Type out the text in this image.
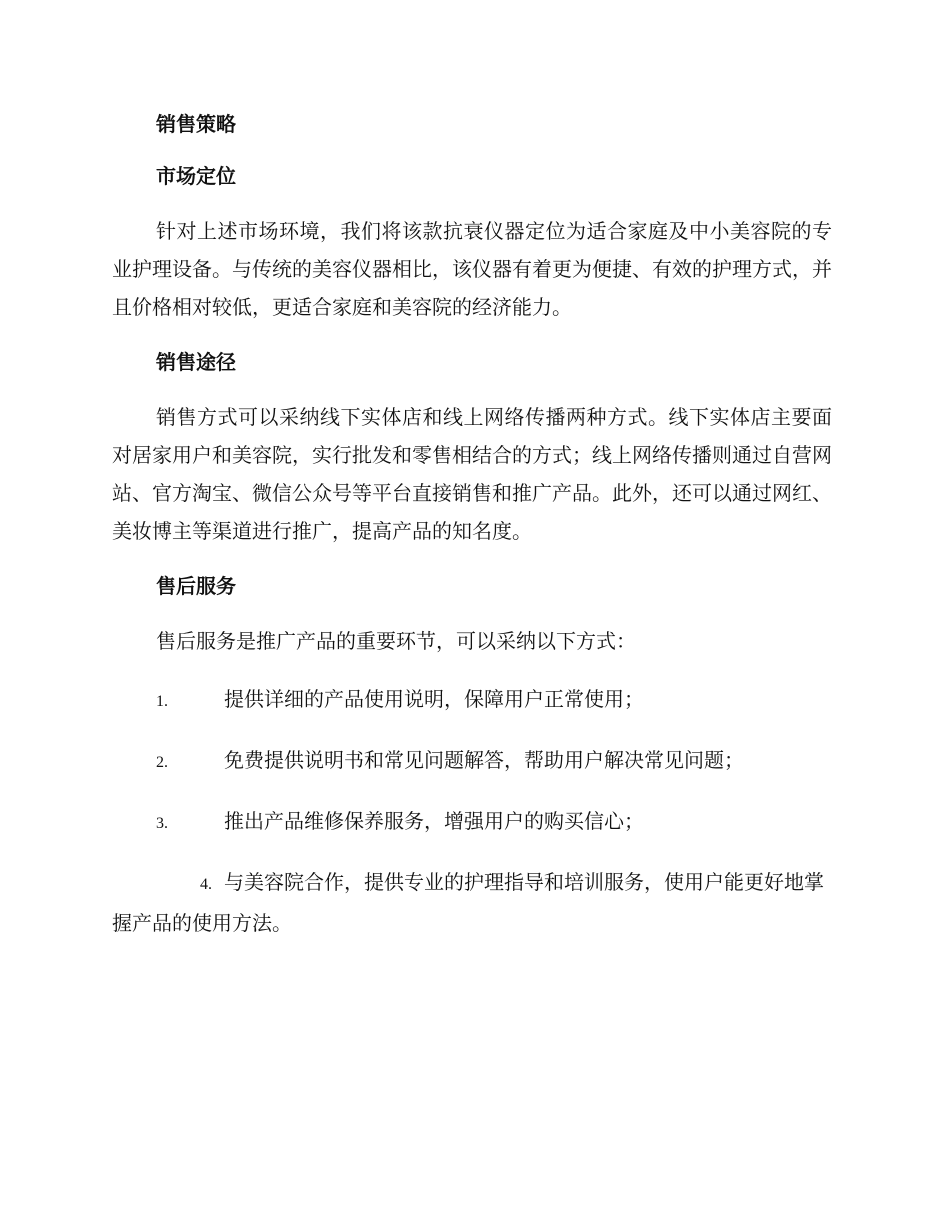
销售策略

市场定位

针对上述市场环境，我们将该款抗衰仪器定位为适合家庭及中小美容院的专业护理设备。与传统的美容仪器相比，该仪器有着更为便捷、有效的护理方式，并且价格相对较低，更适合家庭和美容院的经济能力。

销售途径

销售方式可以采纳线下实体店和线上网络传播两种方式。线下实体店主要面对居家用户和美容院，实行批发和零售相结合的方式；线上网络传播则通过自营网站、官方淘宝、微信公众号等平台直接销售和推广产品。此外，还可以通过网红、美妆博主等渠道进行推广，提高产品的知名度。

售后服务

售后服务是推广产品的重要环节，可以采纳以下方式：

1.	提供详细的产品使用说明，保障用户正常使用；

2.	免费提供说明书和常见问题解答，帮助用户解决常见问题；

3.	推出产品维修保养服务，增强用户的购买信心；

4. 与美容院合作，提供专业的护理指导和培训服务，使用户能更好地掌握产品的使用方法。
